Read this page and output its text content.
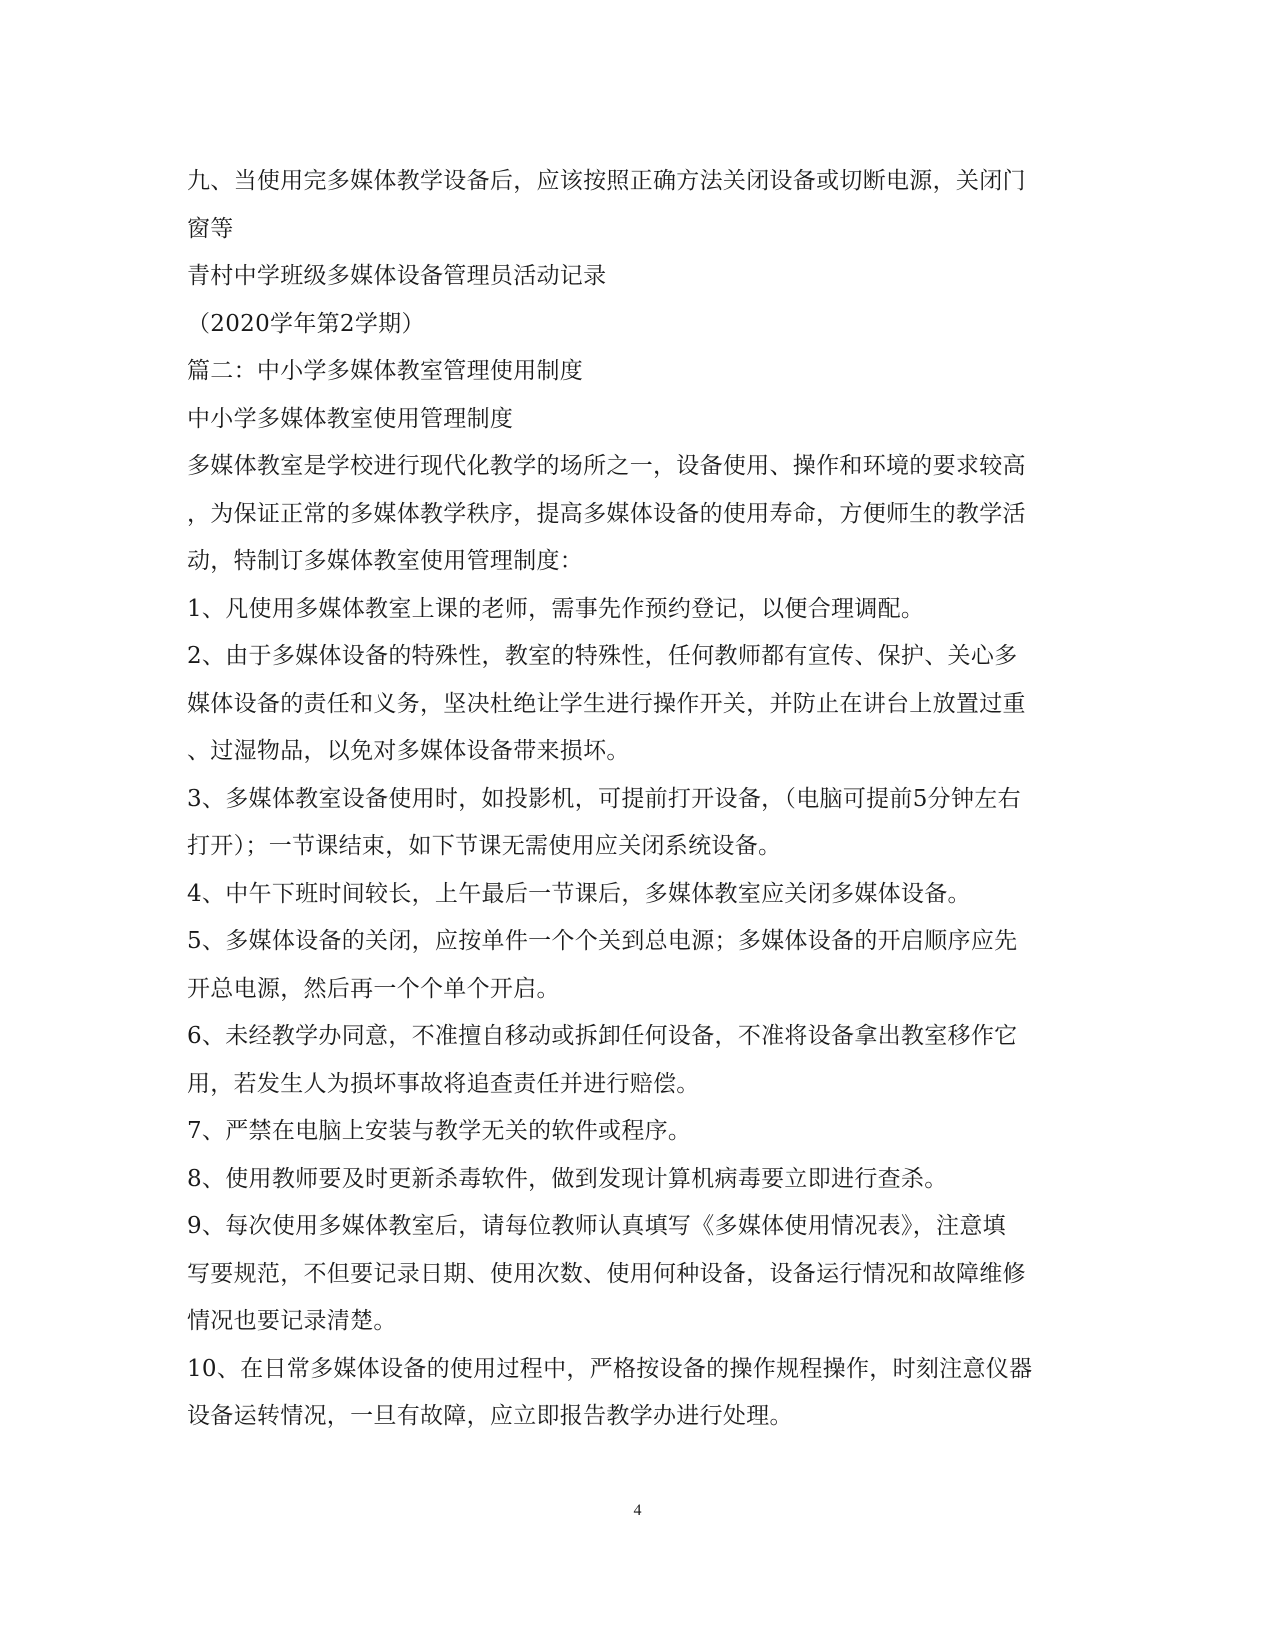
九、当使用完多媒体教学设备后，应该按照正确方法关闭设备或切断电源，关闭门
窗等
青村中学班级多媒体设备管理员活动记录
（2020学年第2学期）
篇二：中小学多媒体教室管理使用制度
中小学多媒体教室使用管理制度
多媒体教室是学校进行现代化教学的场所之一，设备使用、操作和环境的要求较高
，为保证正常的多媒体教学秩序，提高多媒体设备的使用寿命，方便师生的教学活
动，特制订多媒体教室使用管理制度：
1、凡使用多媒体教室上课的老师，需事先作预约登记，以便合理调配。
2、由于多媒体设备的特殊性，教室的特殊性，任何教师都有宣传、保护、关心多
媒体设备的责任和义务，坚决杜绝让学生进行操作开关，并防止在讲台上放置过重
、过湿物品，以免对多媒体设备带来损坏。
3、多媒体教室设备使用时，如投影机，可提前打开设备，（电脑可提前5分钟左右
打开）；一节课结束，如下节课无需使用应关闭系统设备。
4、中午下班时间较长，上午最后一节课后，多媒体教室应关闭多媒体设备。
5、多媒体设备的关闭，应按单件一个个关到总电源；多媒体设备的开启顺序应先
开总电源，然后再一个个单个开启。
6、未经教学办同意，不准擅自移动或拆卸任何设备，不准将设备拿出教室移作它
用，若发生人为损坏事故将追查责任并进行赔偿。
7、严禁在电脑上安装与教学无关的软件或程序。
8、使用教师要及时更新杀毒软件，做到发现计算机病毒要立即进行查杀。
9、每次使用多媒体教室后，请每位教师认真填写《多媒体使用情况表》，注意填
写要规范，不但要记录日期、使用次数、使用何种设备，设备运行情况和故障维修
情况也要记录清楚。
10、在日常多媒体设备的使用过程中，严格按设备的操作规程操作，时刻注意仪器
设备运转情况，一旦有故障，应立即报告教学办进行处理。
4
